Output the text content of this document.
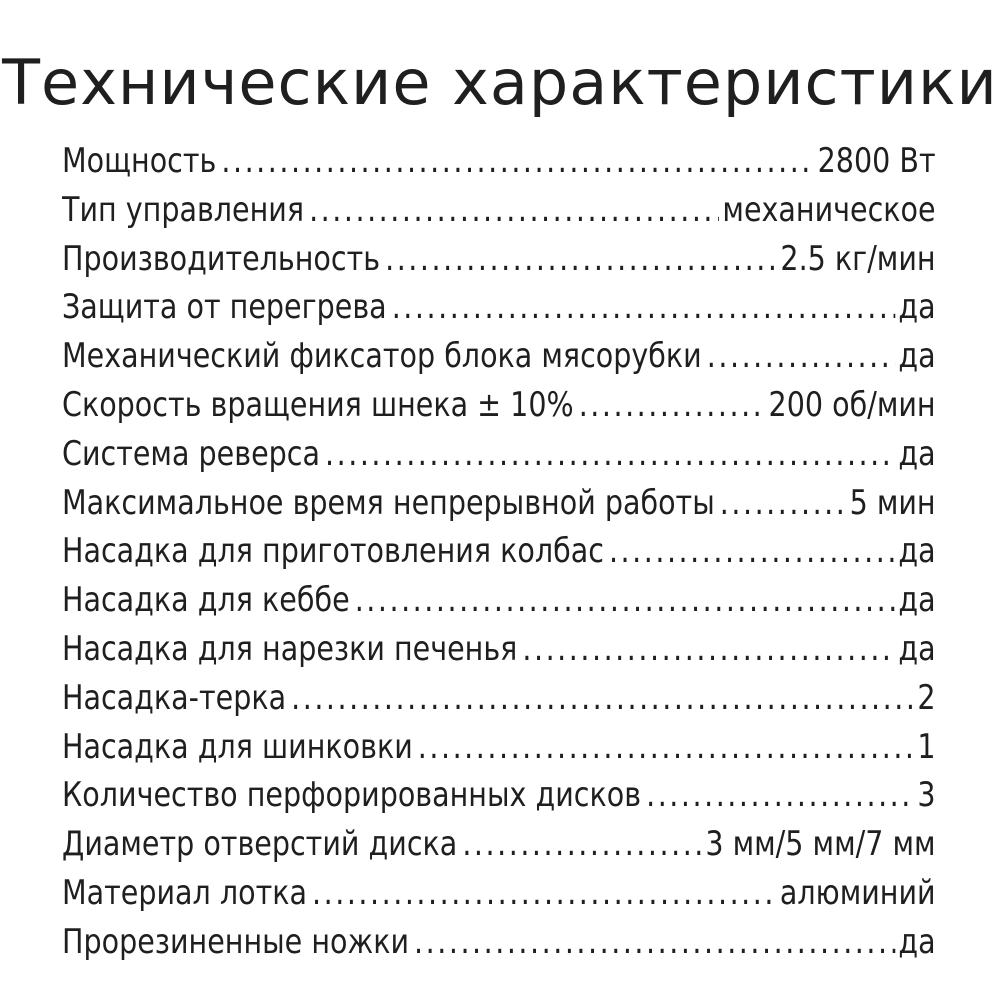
Технические характеристики
Мощность .....	2800 Вт
Тип управления .....	механическое
Производительность .....	2.5 кг/мин
Защита от перегрева .....	да
Механический фиксатор блока мясорубки .....	да
Скорость вращения шнека ± 10% .....	200 об/мин
Система реверса .....	да
Максимальное время непрерывной работы .....	5 мин
Насадка для приготовления колбас .....	да
Насадка для кеббе .....	да
Насадка для нарезки печенья .....	да
Насадка-терка .....	2
Насадка для шинковки .....	1
Количество перфорированных дисков .....	3
Диаметр отверстий диска .....	3 мм/5 мм/7 мм
Материал лотка .....	алюминий
Прорезиненные ножки .....	да
